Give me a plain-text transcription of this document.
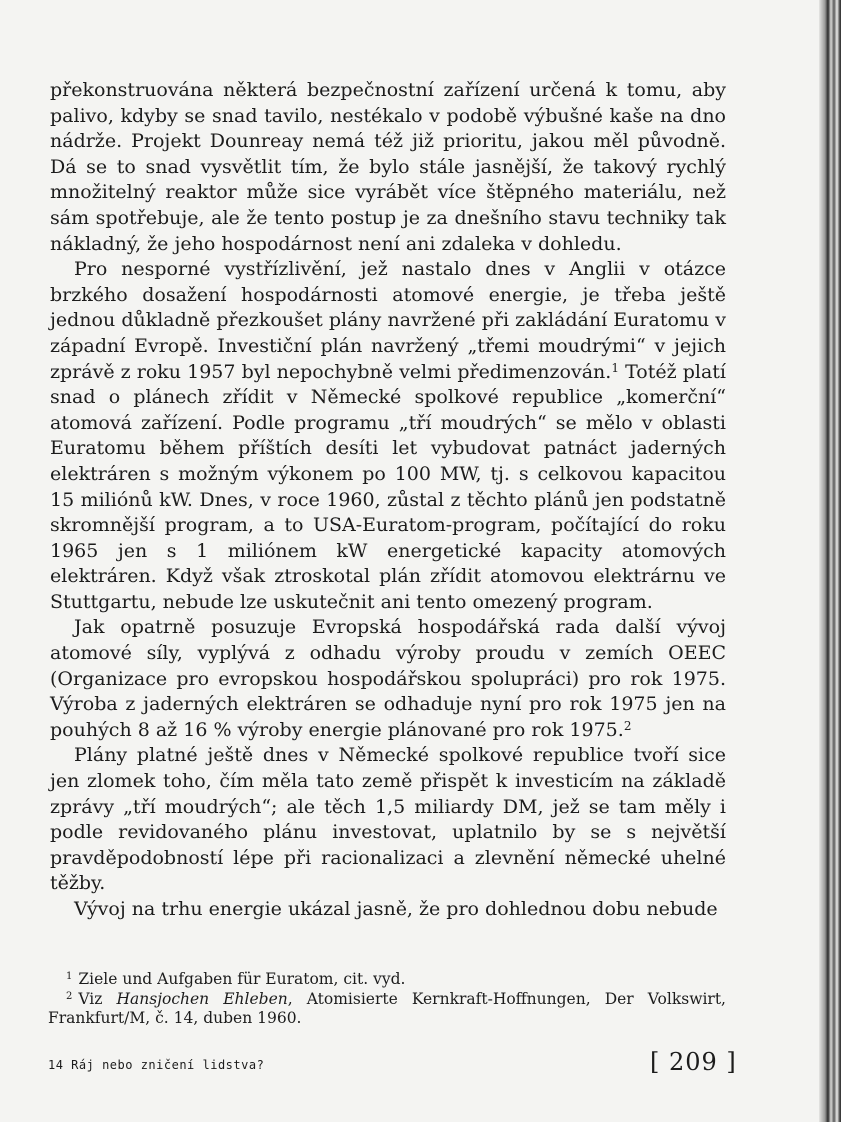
překonstruována některá bezpečnostní zařízení určená k tomu, aby palivo, kdyby se snad tavilo, nestékalo v podobě výbušné kaše na dno nádrže. Projekt Dounreay nemá též již prioritu, jakou měl původně. Dá se to snad vysvětlit tím, že bylo stále jasnější, že takový rychlý množitelný reaktor může sice vyrábět více štěpného materiálu, než sám spotřebuje, ale že tento postup je za dnešního stavu techniky tak nákladný, že jeho hospodárnost není ani zdaleka v dohledu.

Pro nesporné vystřízlivění, jež nastalo dnes v Anglii v otázce brzkého dosažení hospodárnosti atomové energie, je třeba ještě jednou důkladně přezkoušet plány navržené při zakládání Euratomu v západní Evropě. Investiční plán navržený „třemi moudrými“ v jejich zprávě z roku 1957 byl nepochybně velmi předimenzován.$^1$ Totéž platí snad o plánech zřídit v Německé spolkové republice „komerční“ atomová zařízení. Podle programu „tří moudrých“ se mělo v oblasti Euratomu během příštích desíti let vybudovat patnáct jaderných elektráren s možným výkonem po 100 MW, tj. s celkovou kapacitou 15 miliónů kW. Dnes, v roce 1960, zůstal z těchto plánů jen podstatně skromnější program, a to USA-Euratom-program, počítající do roku 1965 jen s 1 miliónem kW energetické kapacity atomových elektráren. Když však ztroskotal plán zřídit atomovou elektrárnu ve Stuttgartu, nebude lze uskutečnit ani tento omezený program.

Jak opatrně posuzuje Evropská hospodářská rada další vývoj atomové síly, vyplývá z odhadu výroby proudu v zemích OEEC (Organizace pro evropskou hospodářskou spolupráci) pro rok 1975. Výroba z jaderných elektráren se odhaduje nyní pro rok 1975 jen na pouhých 8 až 16 % výroby energie plánované pro rok 1975.$^2$

Plány platné ještě dnes v Německé spolkové republice tvoří sice jen zlomek toho, čím měla tato země přispět k investicím na základě zprávy „tří moudrých“; ale těch 1,5 miliardy DM, jež se tam měly i podle revidovaného plánu investovat, uplatnilo by se s největší pravděpodobností lépe při racionalizaci a zlevnění německé uhelné těžby.

Vývoj na trhu energie ukázal jasně, že pro dohlednou dobu nebude

$^1$ Ziele und Aufgaben für Euratom, cit. vyd.

$^2$ Viz Hansjochen Ehleben, Atomisierte Kernkraft-Hoffnungen, Der Volkswirt, Frankfurt/M, č. 14, duben 1960.

14 Ráj nebo zničení lidstva?	[ 209 ]
